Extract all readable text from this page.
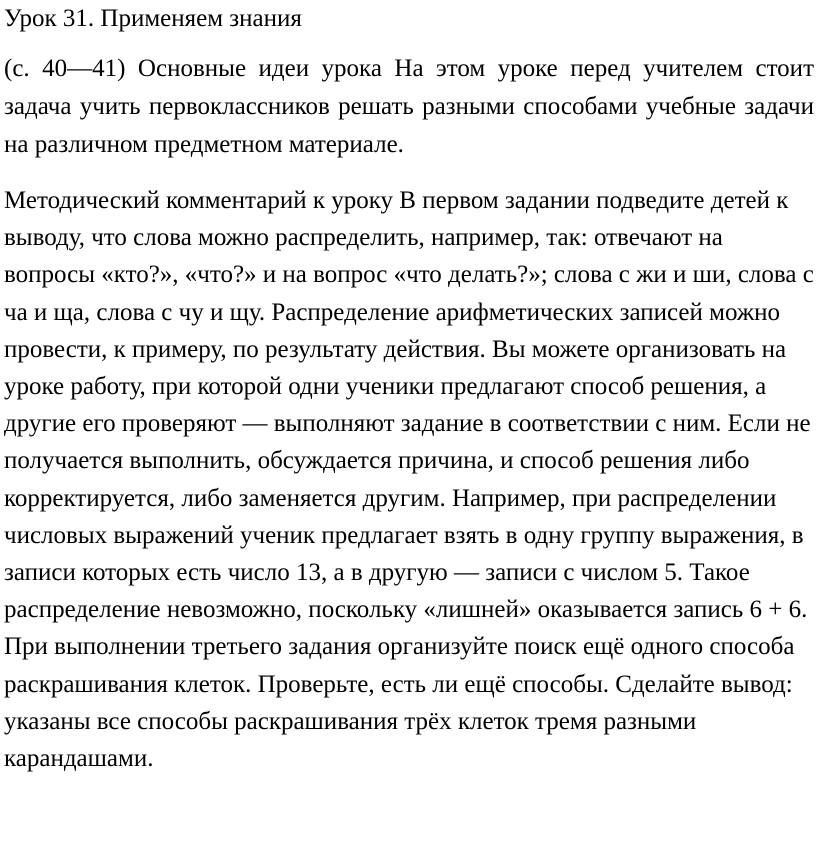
Урок 31. Применяем знания

(с. 40—41) Основные идеи урока На этом уроке перед учителем стоит задача учить первоклассников решать разными способами учебные задачи на различном предметном материале.

Методический комментарий к уроку В первом задании подведите детей к выводу, что слова можно распределить, например, так: отвечают на вопросы «кто?», «что?» и на вопрос «что делать?»; слова с жи и ши, слова с ча и ща, слова с чу и щу. Распределение арифметических записей можно провести, к примеру, по результату действия. Вы можете организовать на уроке работу, при которой одни ученики предлагают способ решения, а другие его проверяют — выполняют задание в соответствии с ним. Если не получается выполнить, обсуждается причина, и способ решения либо корректируется, либо заменяется другим. Например, при распределении числовых выражений ученик предлагает взять в одну группу выражения, в записи которых есть число 13, а в другую — записи с числом 5. Такое распределение невозможно, поскольку «лишней» оказывается запись 6 + 6. При выполнении третьего задания организуйте поиск ещё одного способа раскрашивания клеток. Проверьте, есть ли ещё способы. Сделайте вывод: указаны все способы раскрашивания трёх клеток тремя разными карандашами.
